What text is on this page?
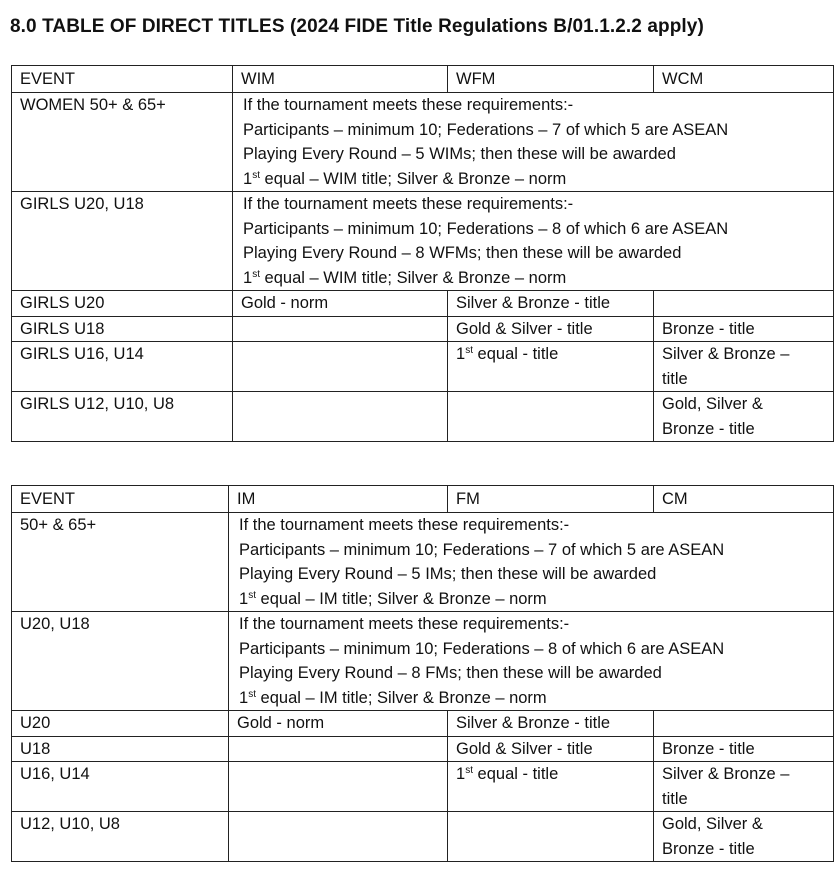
8.0 TABLE OF DIRECT TITLES (2024 FIDE Title Regulations B/01.1.2.2 apply)
EVENT	WIM	WFM	WCM
WOMEN 50+ & 65+	If the tournament meets these requirements:-
Participants – minimum 10; Federations – 7 of which 5 are ASEAN
Playing Every Round – 5 WIMs; then these will be awarded
1st equal – WIM title; Silver & Bronze – norm		

GIRLS U20, U18	If the tournament meets these requirements:-
Participants – minimum 10; Federations – 8 of which 6 are ASEAN
Playing Every Round – 8 WFMs; then these will be awarded
1st equal – WIM title; Silver & Bronze – norm		

GIRLS U20	Gold - norm	Silver & Bronze - title	
GIRLS U18		Gold & Silver - title	Bronze - title
GIRLS U16, U14		1st equal - title	Silver & Bronze –
title

GIRLS U12, U10, U8			Gold, Silver &
Bronze - title
EVENT	IM	FM	CM
50+ & 65+	If the tournament meets these requirements:-
Participants – minimum 10; Federations – 7 of which 5 are ASEAN
Playing Every Round – 5 IMs; then these will be awarded
1st equal – IM title; Silver & Bronze – norm		

U20, U18	If the tournament meets these requirements:-
Participants – minimum 10; Federations – 8 of which 6 are ASEAN
Playing Every Round – 8 FMs; then these will be awarded
1st equal – IM title; Silver & Bronze – norm		

U20	Gold - norm	Silver & Bronze - title	
U18		Gold & Silver - title	Bronze - title
U16, U14		1st equal - title	Silver & Bronze –
title

U12, U10, U8			Gold, Silver &
Bronze - title
